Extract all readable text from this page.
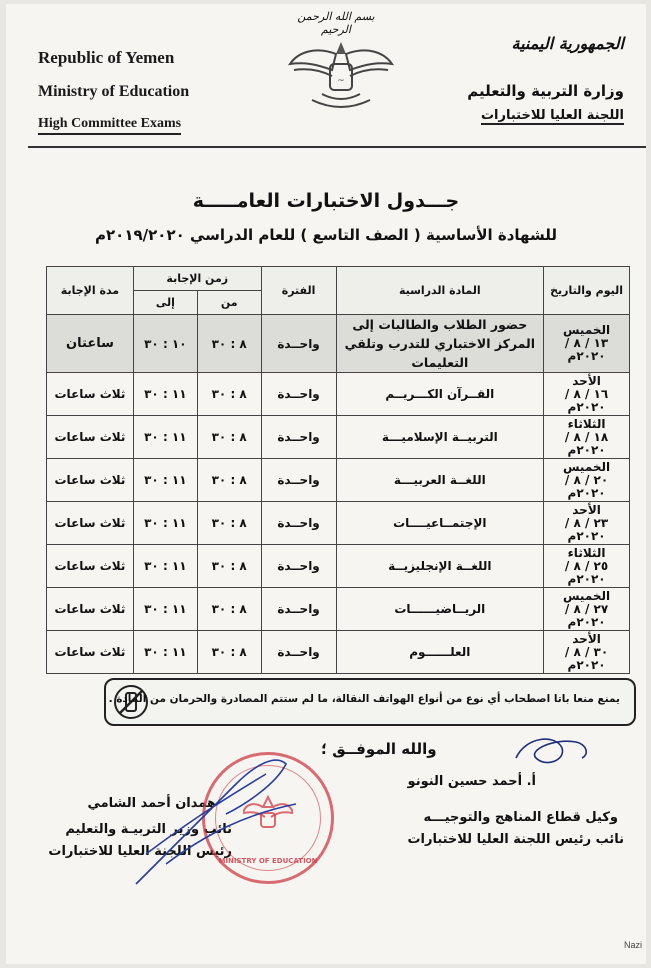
Republic of Yemen
Ministry of Education
High Committee Exams
بسم الله الرحمن الرحيم
~
الجمهورية اليمنية
وزارة التربية والتعليم
اللجنة العليا للاختبارات
جـــدول الاختبارات العامـــــة
للشهادة الأساسية ( الصف التاسع ) للعام الدراسي ٢٠١٩/٢٠٢٠م
اليوم والتاريخ	المادة الدراسية	الفترة	زمن الإجابة		مدة الإجابة
			من	إلى	

الخميس
١٣ / ٨ / ٢٠٢٠م	حضور الطلاب والطالبات إلى المركز الاختباري للتدرب وتلقي التعليمات	واحــدة	٨ : ٣٠	١٠ : ٣٠	ساعتان

الأحد
١٦ / ٨ / ٢٠٢٠م	القــرآن الكـــريــم	واحــدة	٨ : ٣٠	١١ : ٣٠	ثلاث ساعات

الثلاثاء
١٨ / ٨ / ٢٠٢٠م	التربيــة الإسلاميـــة	واحــدة	٨ : ٣٠	١١ : ٣٠	ثلاث ساعات

الخميس
٢٠ / ٨ / ٢٠٢٠م	اللغــة العربيـــة	واحــدة	٨ : ٣٠	١١ : ٣٠	ثلاث ساعات

الأحد
٢٣ / ٨ / ٢٠٢٠م	الإجتمــاعيــــات	واحــدة	٨ : ٣٠	١١ : ٣٠	ثلاث ساعات

الثلاثاء
٢٥ / ٨ / ٢٠٢٠م	اللغــة الإنجليزيــة	واحــدة	٨ : ٣٠	١١ : ٣٠	ثلاث ساعات

الخميس
٢٧ / ٨ / ٢٠٢٠م	الريــاضيــــــات	واحــدة	٨ : ٣٠	١١ : ٣٠	ثلاث ساعات

الأحد
٣٠ / ٨ / ٢٠٢٠م	العلــــــوم	واحــدة	٨ : ٣٠	١١ : ٣٠	ثلاث ساعات
يمنع منعا باتا اصطحاب أي نوع من أنواع الهواتف النقالة، ما لم ستتم المصادرة والحرمان من المادة .
والله الموفــق ؛
أ. أحمد حسين النونو
وكيل قطاع المناهج والتوجيـــه
نائب رئيس اللجنة العليا للاختبارات
همدان أحمد الشامي
نائب وزير التربيـة والتعليم
رئيس اللجنة العليا للاختبارات
MINISTRY OF EDUCATION
Nazi
